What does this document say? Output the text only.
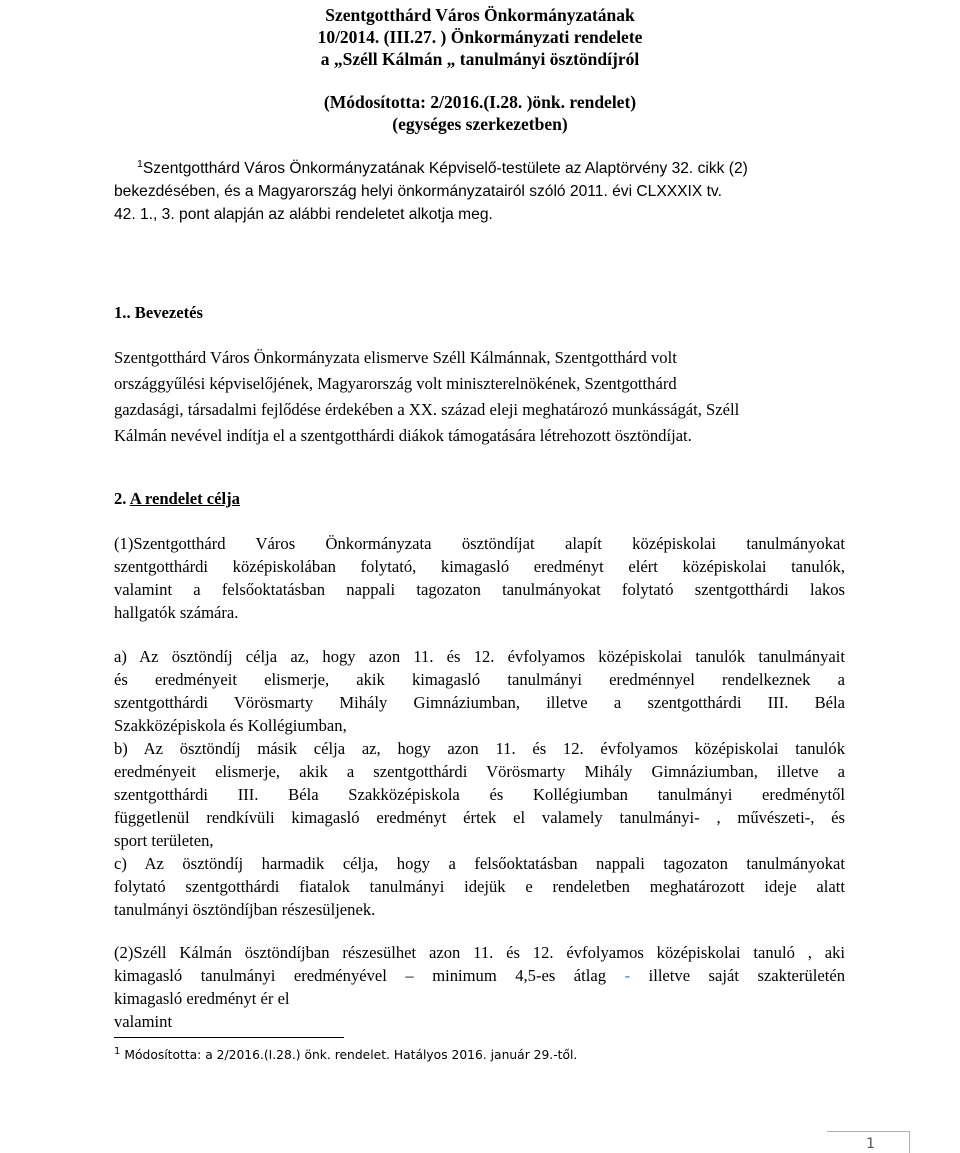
Szentgotthárd Város Önkormányzatának
10/2014. (III.27. ) Önkormányzati rendelete
a „Széll Kálmán „ tanulmányi ösztöndíjról
(Módosította: 2/2016.(I.28. )önk. rendelet)
(egységes szerkezetben)
$^1$Szentgotthárd Város Önkormányzatának Képviselő-testülete az Alaptörvény 32. cikk (2)
bekezdésében, és a Magyarország helyi önkormányzatairól szóló 2011. évi CLXXXIX tv.
42. 1., 3. pont alapján az alábbi rendeletet alkotja meg.
1.. Bevezetés
Szentgotthárd Város Önkormányzata elismerve Széll Kálmánnak, Szentgotthárd volt
országgyűlési képviselőjének, Magyarország volt miniszterelnökének, Szentgotthárd
gazdasági, társadalmi fejlődése érdekében a XX. század eleji meghatározó munkásságát, Széll
Kálmán nevével indítja el a szentgotthárdi diákok támogatására létrehozott ösztöndíjat.
2. A rendelet célja
(1)Szentgotthárd Város Önkormányzata ösztöndíjat alapít középiskolai tanulmányokat
szentgotthárdi középiskolában folytató, kimagasló eredményt elért középiskolai tanulók,
valamint a felsőoktatásban nappali tagozaton tanulmányokat folytató szentgotthárdi lakos
hallgatók számára.
a) Az ösztöndíj célja az, hogy azon 11. és 12. évfolyamos középiskolai tanulók tanulmányait
és eredményeit elismerje, akik kimagasló tanulmányi eredménnyel rendelkeznek a
szentgotthárdi Vörösmarty Mihály Gimnáziumban, illetve a szentgotthárdi III. Béla
Szakközépiskola és Kollégiumban,
b) Az ösztöndíj másik célja az, hogy azon 11. és 12. évfolyamos középiskolai tanulók
eredményeit elismerje, akik a szentgotthárdi Vörösmarty Mihály Gimnáziumban, illetve a
szentgotthárdi III. Béla Szakközépiskola és Kollégiumban tanulmányi eredménytől
függetlenül rendkívüli kimagasló eredményt értek el valamely tanulmányi- , művészeti-, és
sport területen,
c) Az ösztöndíj harmadik célja, hogy a felsőoktatásban nappali tagozaton tanulmányokat
folytató szentgotthárdi fiatalok tanulmányi idejük e rendeletben meghatározott ideje alatt
tanulmányi ösztöndíjban részesüljenek.
(2)Széll Kálmán ösztöndíjban részesülhet azon 11. és 12. évfolyamos középiskolai tanuló , aki
kimagasló tanulmányi eredményével – minimum 4,5-es átlag - illetve saját szakterületén
kimagasló eredményt ér el
valamint
$^1$ Módosította: a 2/2016.(I.28.) önk. rendelet. Hatályos 2016. január 29.-től.
1
